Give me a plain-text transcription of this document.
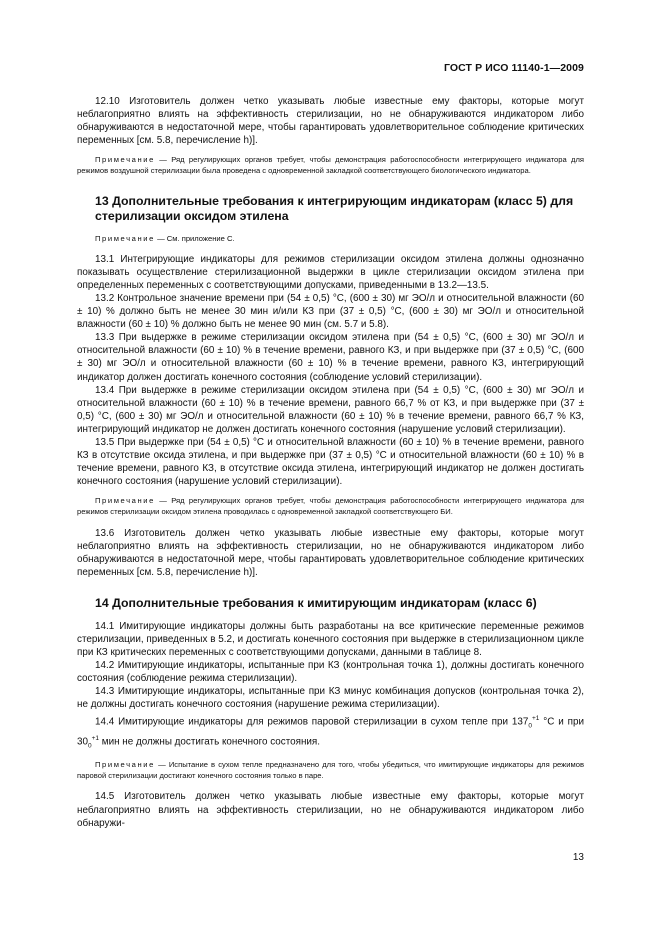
ГОСТ Р ИСО 11140-1—2009

12.10 Изготовитель должен четко указывать любые известные ему факторы, которые могут неблагоприятно влиять на эффективность стерилизации, но не обнаруживаются индикатором либо обнаруживаются в недостаточной мере, чтобы гарантировать удовлетворительное соблюдение критических переменных [см. 5.8, перечисление h)].

Примечание — Ряд регулирующих органов требует, чтобы демонстрация работоспособности интегрирующего индикатора для режимов воздушной стерилизации была проведена с одновременной закладкой соответствующего биологического индикатора.

13 Дополнительные требования к интегрирующим индикаторам (класс 5) для стерилизации оксидом этилена

Примечание — См. приложение С.

13.1 Интегрирующие индикаторы для режимов стерилизации оксидом этилена должны однозначно показывать осуществление стерилизационной выдержки в цикле стерилизации оксидом этилена при определенных переменных с соответствующими допусками, приведенными в 13.2—13.5.

13.2 Контрольное значение времени при (54 ± 0,5) °С, (600 ± 30) мг ЭО/л и относительной влажности (60 ± 10) % должно быть не менее 30 мин и/или КЗ при (37 ± 0,5) °С, (600 ± 30) мг ЭО/л и относительной влажности (60 ± 10) % должно быть не менее 90 мин (см. 5.7 и 5.8).

13.3 При выдержке в режиме стерилизации оксидом этилена при (54 ± 0,5) °С, (600 ± 30) мг ЭО/л и относительной влажности (60 ± 10) % в течение времени, равного КЗ, и при выдержке при (37 ± 0,5) °С, (600 ± 30) мг ЭО/л и относительной влажности (60 ± 10) % в течение времени, равного КЗ, интегрирующий индикатор должен достигать конечного состояния (соблюдение условий стерилизации).

13.4 При выдержке в режиме стерилизации оксидом этилена при (54 ± 0,5) °С, (600 ± 30) мг ЭО/л и относительной влажности (60 ± 10) % в течение времени, равного 66,7 % от КЗ, и при выдержке при (37 ± 0,5) °С, (600 ± 30) мг ЭО/л и относительной влажности (60 ± 10) % в течение времени, равного 66,7 % КЗ, интегрирующий индикатор не должен достигать конечного состояния (нарушение условий стерилизации).

13.5 При выдержке при (54 ± 0,5) °С и относительной влажности (60 ± 10) % в течение времени, равного КЗ в отсутствие оксида этилена, и при выдержке при (37 ± 0,5) °С и относительной влажности (60 ± 10) % в течение времени, равного КЗ, в отсутствие оксида этилена, интегрирующий индикатор не должен достигать конечного состояния (нарушение условий стерилизации).

Примечание — Ряд регулирующих органов требует, чтобы демонстрация работоспособности интегрирующего индикатора для режимов стерилизации оксидом этилена проводилась с одновременной закладкой соответствующего БИ.

13.6 Изготовитель должен четко указывать любые известные ему факторы, которые могут неблагоприятно влиять на эффективность стерилизации, но не обнаруживаются индикатором либо обнаруживаются в недостаточной мере, чтобы гарантировать удовлетворительное соблюдение критических переменных [см. 5.8, перечисление h)].

14 Дополнительные требования к имитирующим индикаторам (класс 6)

14.1 Имитирующие индикаторы должны быть разработаны на все критические переменные режимов стерилизации, приведенных в 5.2, и достигать конечного состояния при выдержке в стерилизационном цикле при КЗ критических переменных с соответствующими допусками, данными в таблице 8.

14.2 Имитирующие индикаторы, испытанные при КЗ (контрольная точка 1), должны достигать конечного состояния (соблюдение режима стерилизации).

14.3 Имитирующие индикаторы, испытанные при КЗ минус комбинация допусков (контрольная точка 2), не должны достигать конечного состояния (нарушение режима стерилизации).

14.4 Имитирующие индикаторы для режимов паровой стерилизации в сухом тепле при $137_0^{+1}$ °С и при $30_0^{+1}$ мин не должны достигать конечного состояния.

Примечание — Испытание в сухом тепле предназначено для того, чтобы убедиться, что имитирующие индикаторы для режимов паровой стерилизации достигают конечного состояния только в паре.

14.5 Изготовитель должен четко указывать любые известные ему факторы, которые могут неблагоприятно влиять на эффективность стерилизации, но не обнаруживаются индикатором либо обнаружи-

13
